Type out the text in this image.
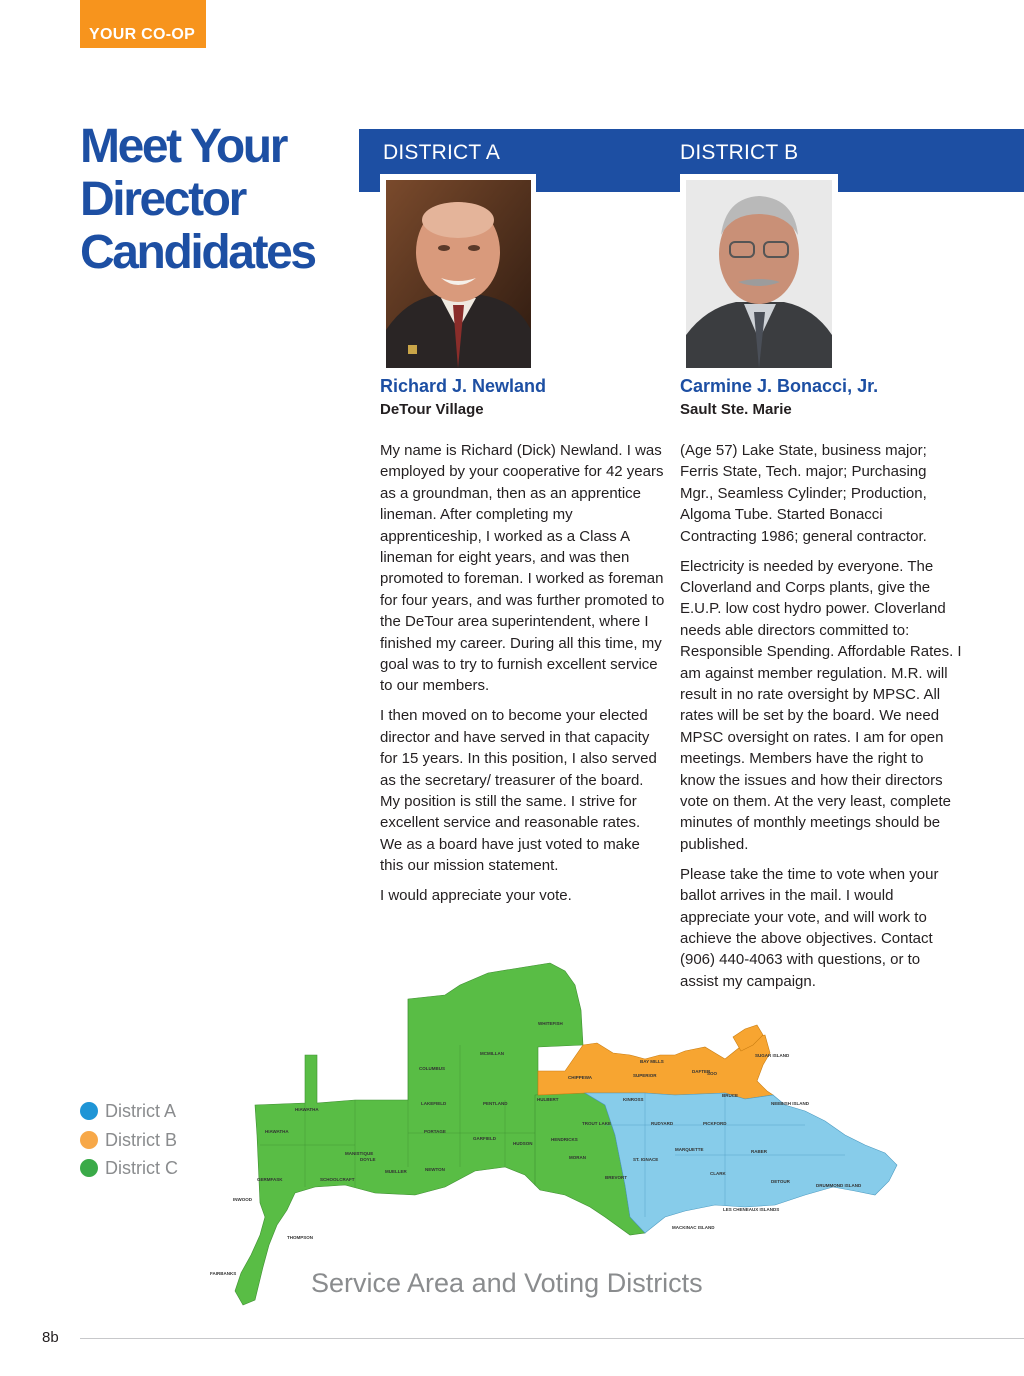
YOUR CO-OP
Meet Your
Director
Candidates
DISTRICT A	DISTRICT B
Richard J. Newland
DeTour Village
Carmine J. Bonacci, Jr.
Sault Ste. Marie

My name is Richard (Dick) Newland. I was employed by your cooperative for 42 years as a groundman, then as an apprentice lineman. After completing my apprenticeship, I worked as a Class A lineman for eight years, and was then promoted to foreman. I worked as foreman for four years, and was further promoted to the DeTour area superintendent, where I finished my career. During all this time, my goal was to try to furnish excellent service to our members.

I then moved on to become your elected director and have served in that capacity for 15 years. In this position, I also served as the secretary/ treasurer of the board. My position is still the same. I strive for excellent service and reasonable rates. We as a board have just voted to make this our mission statement.

I would appreciate your vote.

(Age 57) Lake State, business major; Ferris State, Tech. major; Purchasing Mgr., Seamless Cylinder; Production, Algoma Tube. Started Bonacci Contracting 1986; general contractor.

Electricity is needed by everyone. The Cloverland and Corps plants, give the E.U.P. low cost hydro power. Cloverland needs able directors committed to: Responsible Spending. Affordable Rates. I am against member regulation. M.R. will result in no rate oversight by MPSC. All rates will be set by the board. We need MPSC oversight on rates. I am for open meetings. Members have the right to know the issues and how their directors vote on them. At the very least, complete minutes of monthly meetings should be published.

Please take the time to vote when your ballot arrives in the mail. I would appreciate your vote, and will work to achieve the above objectives. Contact (906) 440-4063 with questions, or to assist my campaign.

District A
District B
District C
WHITEFISH
MCMILLAN
COLUMBUS
BAY MILLS
SOO
SUGAR ISLAND
CHIPPEWA	SUPERIOR
DAFTER
HIAWATHA
LAKEFIELD	PENTLAND
HULBERT	KINROSS
BRUCE
NEEBISH ISLAND
HIAWATHA	PORTAGE
GARFIELD
TROUT LAKE	RUDYARD	PICKFORD
MANISTIQUE
DOYLE
HUDSON
HENDRICKS
MORAN	ST. IGNACE
MARQUETTE	RABER
MUELLER	NEWTON
BREVORT
CLARK
DETOUR
DRUMMOND ISLAND
GERMFASK	SCHOOLCRAFT
THOMPSON
INWOOD
FAIRBANKS
LES CHENEAUX ISLANDS
MACKINAC ISLAND
Service Area and Voting Districts
8b
